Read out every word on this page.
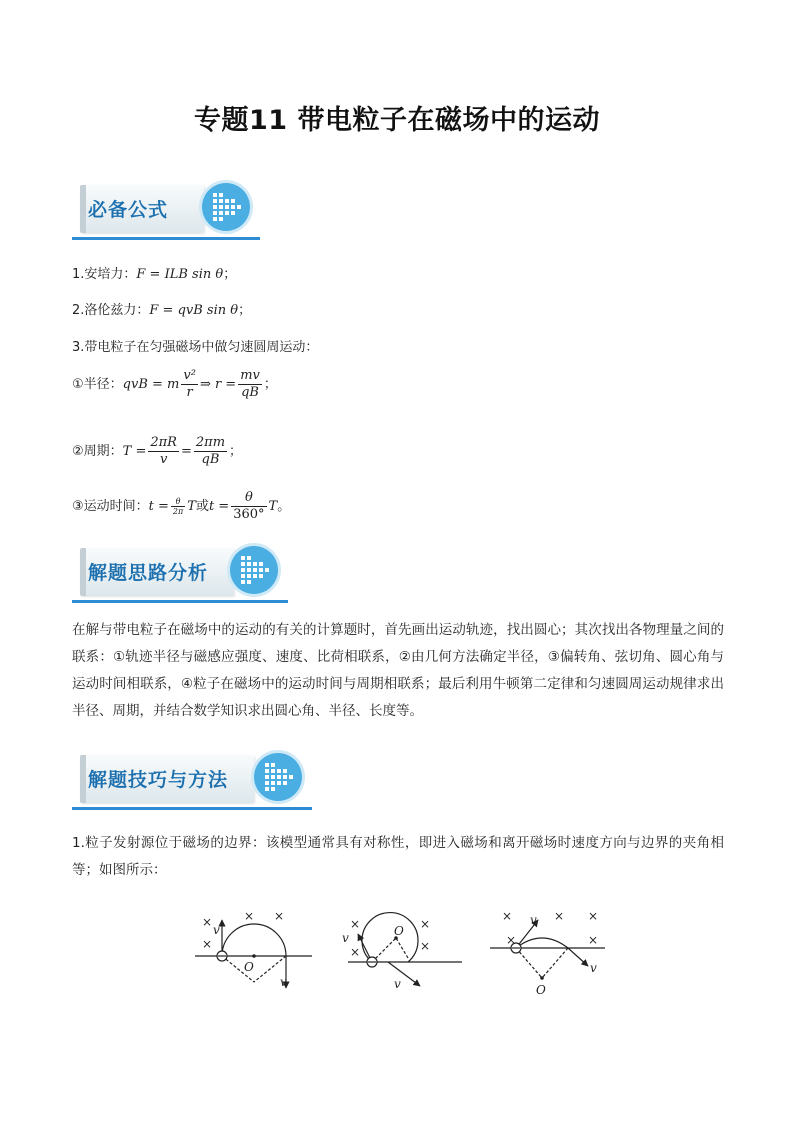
专题11 带电粒子在磁场中的运动
必备公式
1.安培力：F = ILB sin θ；
2.洛伦兹力：F = qvB sin θ；
3.带电粒子在匀强磁场中做匀速圆周运动：
①半径：qvB = m $\frac{\text{v²}}{r}$ ⇒ $r = \frac{mv}{qB}$ ；
②周期：$T = \frac{2\pi R}{v} = \frac{2\pi m}{qB}$ ；
③运动时间：$t = \frac{\theta}{2\pi}$ T或$t = \frac{\theta}{360^\circ}$ T。
解题思路分析
在解与带电粒子在磁场中的运动的有关的计算题时，首先画出运动轨迹，找出圆心；其次找出各物理量之间的联系：①轨迹半径与磁感应强度、速度、比荷相联系，②由几何方法确定半径，③偏转角、弦切角、圆心角与运动时间相联系，④粒子在磁场中的运动时间与周期相联系；最后利用牛顿第二定律和匀速圆周运动规律求出半径、周期，并结合数学知识求出圆心角、半径、长度等。
解题技巧与方法
1.粒子发射源位于磁场的边界：该模型通常具有对称性，即进入磁场和离开磁场时速度方向与边界的夹角相等；如图所示：
×
×
× ×
v
v
O
×
×
×
×
v
v
O
×
×
× ×
×
v
v
O
